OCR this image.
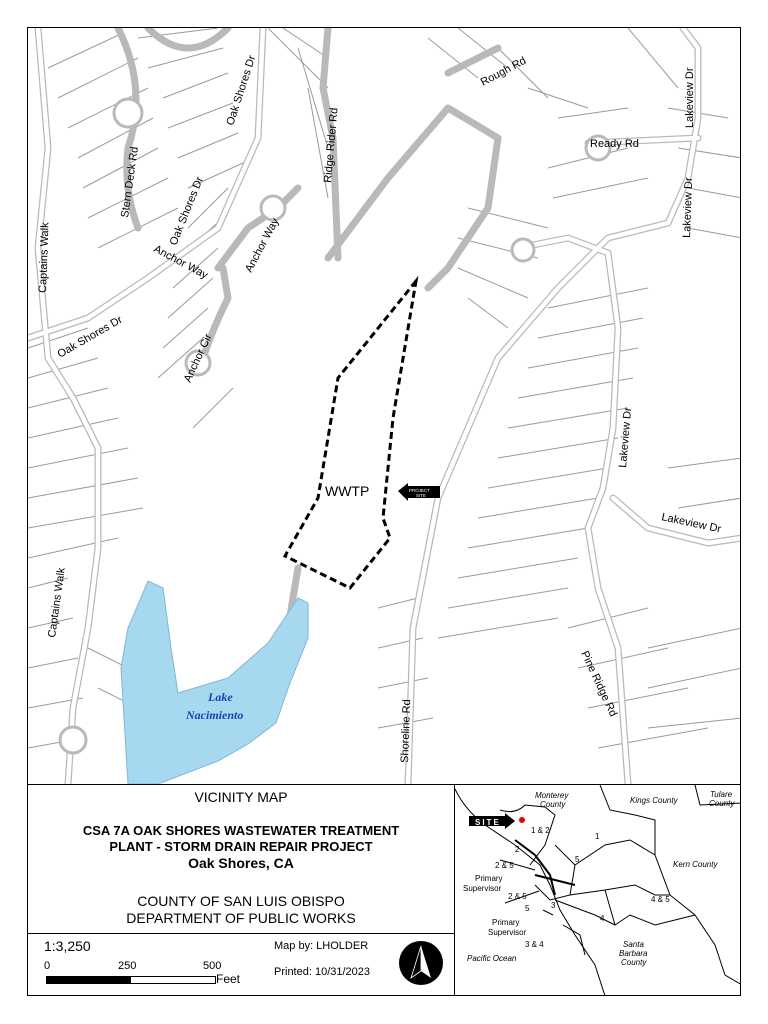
Rough Rd
Ready Rd
Lakeview Dr
Lakeview Dr
Ridge Rider Rd
Oak Shores Dr
Oak Shores Dr
Oak Shores Dr
Stern Deck Rd
Captains Walk
Captains Walk
Anchor Way	Anchor Way
Anchor Cir
Lakeview Dr
Lakeview Dr
Shoreline Rd
Pine Ridge Rd
WWTP	PROJECT
SITE
Lake
Nacimiento
VICINITY MAP
CSA 7A OAK SHORES WASTEWATER TREATMENT
PLANT - STORM DRAIN REPAIR PROJECT
Oak Shores, CA
COUNTY OF SAN LUIS OBISPO
DEPARTMENT OF PUBLIC WORKS
1:3,250
0	250	500
Feet
Map by: LHOLDER
Printed: 10/31/2023
SITE
Monterey
County	Kings County
Tulare
County
Kern County
Pacific Ocean
Santa
Barbara
County
1 & 2
1
2
2 & 5
5
2 & 5
5	3
4 & 5
4
3 & 4
Primary
Supervisor
Primary
Supervisor
